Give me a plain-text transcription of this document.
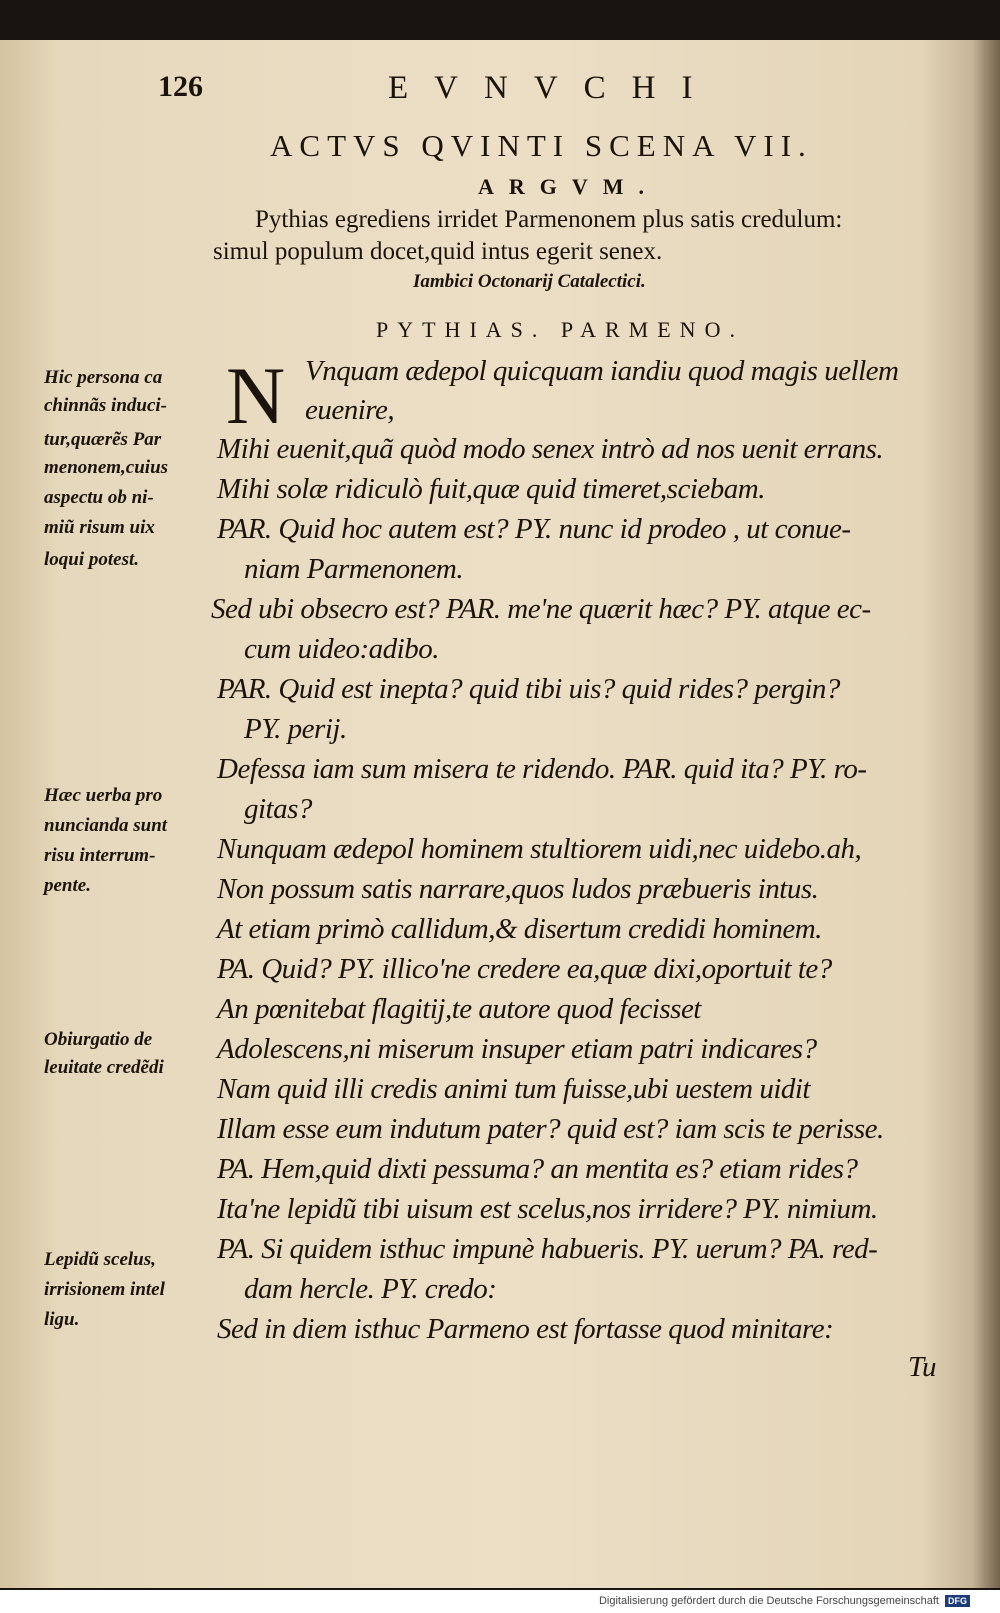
126	EVNVCHI
ACTVS QVINTI SCENA VII.
ARGVM.
Pythias egrediens irridet Parmenonem plus satis credulum:
simul populum docet,quid intus egerit senex.
Iambici Octonarij Catalectici.
PYTHIAS. PARMENO.
N Vnquam ædepol quicquam iandiu quod magis uellem
euenire,
Mihi euenit,quã quòd modo senex intrò ad nos uenit errans.
Mihi solæ ridiculò fuit,quæ quid timeret,sciebam.
PAR. Quid hoc autem est? PY. nunc id prodeo , ut conue-
niam Parmenonem.
Sed ubi obsecro est? PAR. me'ne quærit hæc? PY. atque ec-
cum uideo:adibo.
PAR. Quid est inepta? quid tibi uis? quid rides? pergin?
PY. perij.
Defessa iam sum misera te ridendo. PAR. quid ita? PY. ro-
gitas?
Nunquam ædepol hominem stultiorem uidi,nec uidebo.ah,
Non possum satis narrare,quos ludos præbueris intus.
At etiam primò callidum,& disertum credidi hominem.
PA. Quid? PY. illico'ne credere ea,quæ dixi,oportuit te?
An pœnitebat flagitij,te autore quod fecisset
Adolescens,ni miserum insuper etiam patri indicares?
Nam quid illi credis animi tum fuisse,ubi uestem uidit
Illam esse eum indutum pater? quid est? iam scis te perisse.
PA. Hem,quid dixti pessuma? an mentita es? etiam rides?
Ita'ne lepidũ tibi uisum est scelus,nos irridere? PY. nimium.
PA. Si quidem isthuc impunè habueris. PY. uerum? PA. red-
dam hercle. PY. credo:
Sed in diem isthuc Parmeno est fortasse quod minitare:
Tu
Hic persona ca
chinnãs induci-
tur,quærẽs Par
menonem,cuius
aspectu ob ni-
miũ risum uix
loqui potest.
Hæc uerba pro
nuncianda sunt
risu interrum-
pente.
Obiurgatio de
leuitate credẽdi
Lepidũ scelus,
irrisionem intel
ligu.
Digitalisierung gefördert durch die Deutsche Forschungsgemeinschaft DFG
